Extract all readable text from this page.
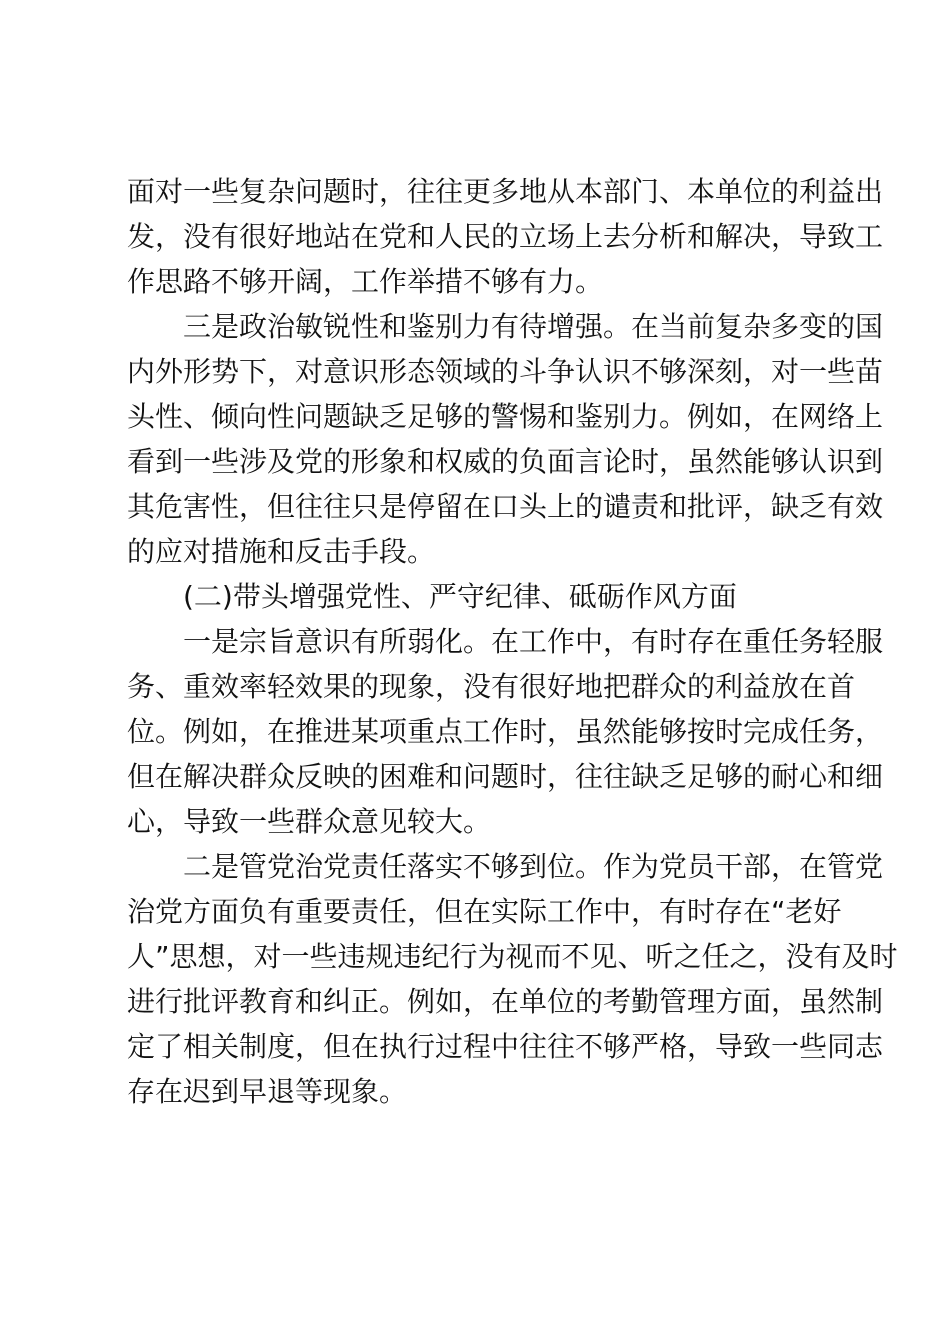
面对一些复杂问题时，往往更多地从本部门、本单位的利益出
发，没有很好地站在党和人民的立场上去分析和解决，导致工
作思路不够开阔，工作举措不够有力。
三是政治敏锐性和鉴别力有待增强。在当前复杂多变的国
内外形势下，对意识形态领域的斗争认识不够深刻，对一些苗
头性、倾向性问题缺乏足够的警惕和鉴别力。例如，在网络上
看到一些涉及党的形象和权威的负面言论时，虽然能够认识到
其危害性，但往往只是停留在口头上的谴责和批评，缺乏有效
的应对措施和反击手段。
(二)带头增强党性、严守纪律、砥砺作风方面
一是宗旨意识有所弱化。在工作中，有时存在重任务轻服
务、重效率轻效果的现象，没有很好地把群众的利益放在首
位。例如，在推进某项重点工作时，虽然能够按时完成任务，
但在解决群众反映的困难和问题时，往往缺乏足够的耐心和细
心，导致一些群众意见较大。
二是管党治党责任落实不够到位。作为党员干部，在管党
治党方面负有重要责任，但在实际工作中，有时存在“老好
人”思想，对一些违规违纪行为视而不见、听之任之，没有及时
进行批评教育和纠正。例如，在单位的考勤管理方面，虽然制
定了相关制度，但在执行过程中往往不够严格，导致一些同志
存在迟到早退等现象。
